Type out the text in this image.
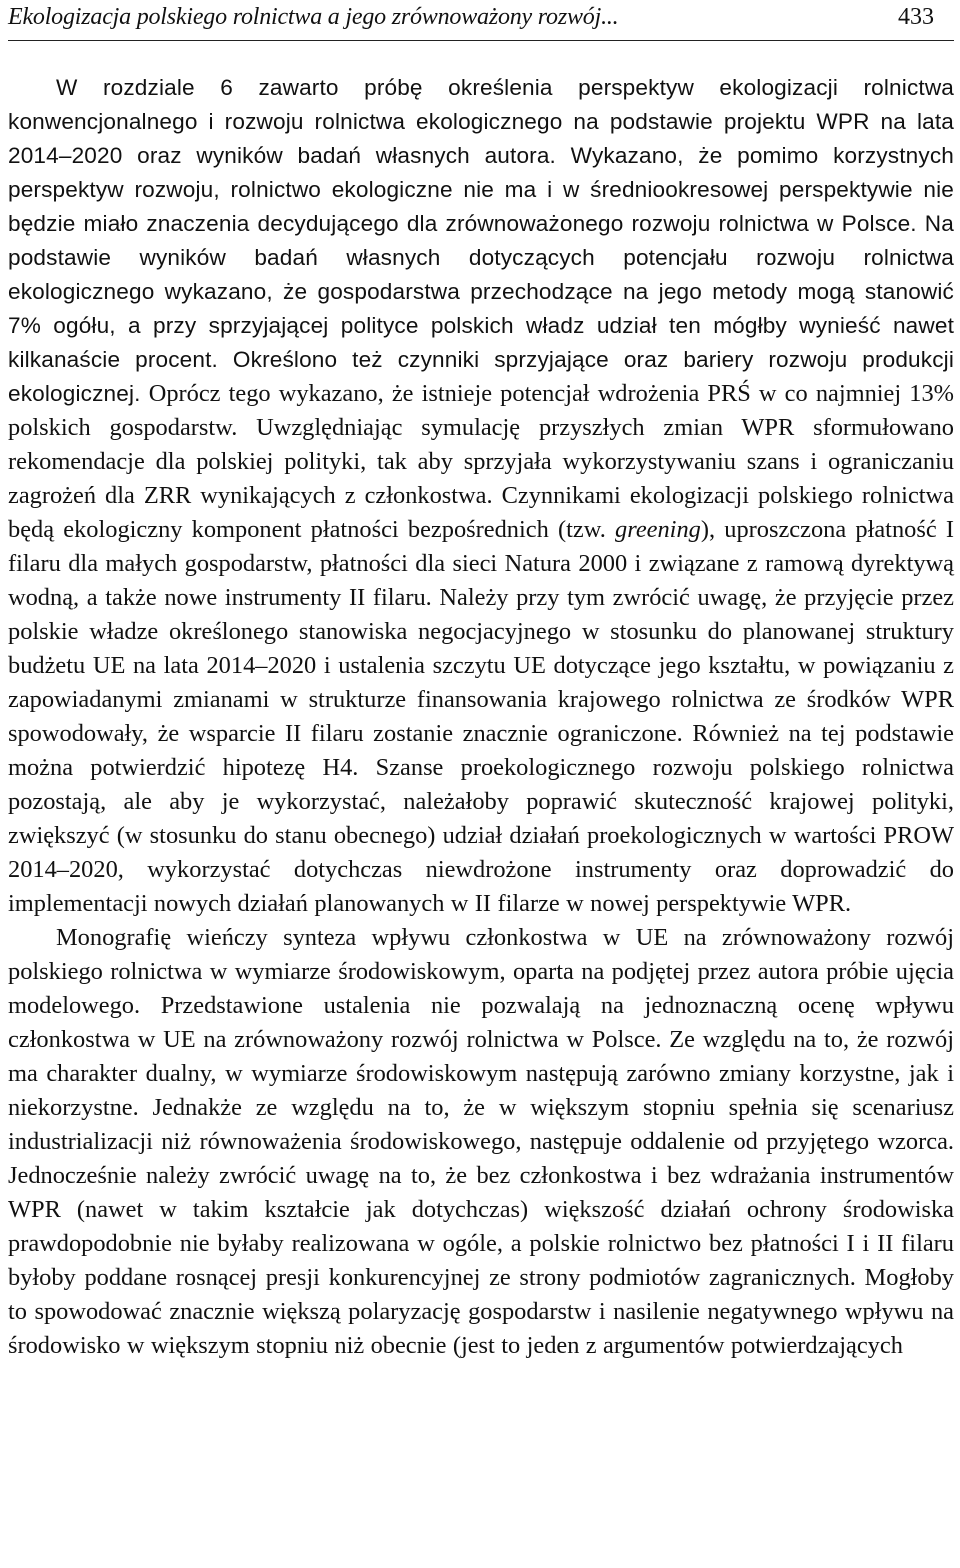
Ekologizacja polskiego rolnictwa a jego zrównoważony rozwój...	433

W rozdziale 6 zawarto próbę określenia perspektyw ekologizacji rolnictwa konwencjonalnego i rozwoju rolnictwa ekologicznego na podstawie projektu WPR na lata 2014–2020 oraz wyników badań własnych autora. Wykazano, że pomimo korzystnych perspektyw rozwoju, rolnictwo ekologiczne nie ma i w średniookresowej perspektywie nie będzie miało znaczenia decydującego dla zrównoważonego rozwoju rolnictwa w Polsce. Na podstawie wyników badań własnych dotyczących potencjału rozwoju rolnictwa ekologicznego wykazano, że gospodarstwa przechodzące na jego metody mogą stanowić 7% ogółu, a przy sprzyjającej polityce polskich władz udział ten mógłby wynieść nawet kilkanaście procent. Określono też czynniki sprzyjające oraz bariery rozwoju produkcji ekologicznej. Oprócz tego wykazano, że istnieje potencjał wdrożenia PRŚ w co najmniej 13% polskich gospodarstw. Uwzględniając symulację przyszłych zmian WPR sformułowano rekomendacje dla polskiej polityki, tak aby sprzyjała wykorzystywaniu szans i ograniczaniu zagrożeń dla ZRR wynikających z członkostwa. Czynnikami ekologizacji polskiego rolnictwa będą ekologiczny komponent płatności bezpośrednich (tzw. greening), uproszczona płatność I filaru dla małych gospodarstw, płatności dla sieci Natura 2000 i związane z ramową dyrektywą wodną, a także nowe instrumenty II filaru. Należy przy tym zwrócić uwagę, że przyjęcie przez polskie władze określonego stanowiska negocjacyjnego w stosunku do planowanej struktury budżetu UE na lata 2014–2020 i ustalenia szczytu UE dotyczące jego kształtu, w powiązaniu z zapowiadanymi zmianami w strukturze finansowania krajowego rolnictwa ze środków WPR spowodowały, że wsparcie II filaru zostanie znacznie ograniczone. Również na tej podstawie można potwierdzić hipotezę H4. Szanse proekologicznego rozwoju polskiego rolnictwa pozostają, ale aby je wykorzystać, należałoby poprawić skuteczność krajowej polityki, zwiększyć (w stosunku do stanu obecnego) udział działań proekologicznych w wartości PROW 2014–2020, wykorzystać dotychczas niewdrożone instrumenty oraz doprowadzić do implementacji nowych działań planowanych w II filarze w nowej perspektywie WPR.

Monografię wieńczy synteza wpływu członkostwa w UE na zrównoważony rozwój polskiego rolnictwa w wymiarze środowiskowym, oparta na podjętej przez autora próbie ujęcia modelowego. Przedstawione ustalenia nie pozwalają na jednoznaczną ocenę wpływu członkostwa w UE na zrównoważony rozwój rolnictwa w Polsce. Ze względu na to, że rozwój ma charakter dualny, w wymiarze środowiskowym następują zarówno zmiany korzystne, jak i niekorzystne. Jednakże ze względu na to, że w większym stopniu spełnia się scenariusz industrializacji niż równoważenia środowiskowego, następuje oddalenie od przyjętego wzorca. Jednocześnie należy zwrócić uwagę na to, że bez członkostwa i bez wdrażania instrumentów WPR (nawet w takim kształcie jak dotychczas) większość działań ochrony środowiska prawdopodobnie nie byłaby realizowana w ogóle, a polskie rolnictwo bez płatności I i II filaru byłoby poddane rosnącej presji konkurencyjnej ze strony podmiotów zagranicznych. Mogłoby to spowodować znacznie większą polaryzację gospodarstw i nasilenie negatywnego wpływu na środowisko w większym stopniu niż obecnie (jest to jeden z argumentów potwierdzających
